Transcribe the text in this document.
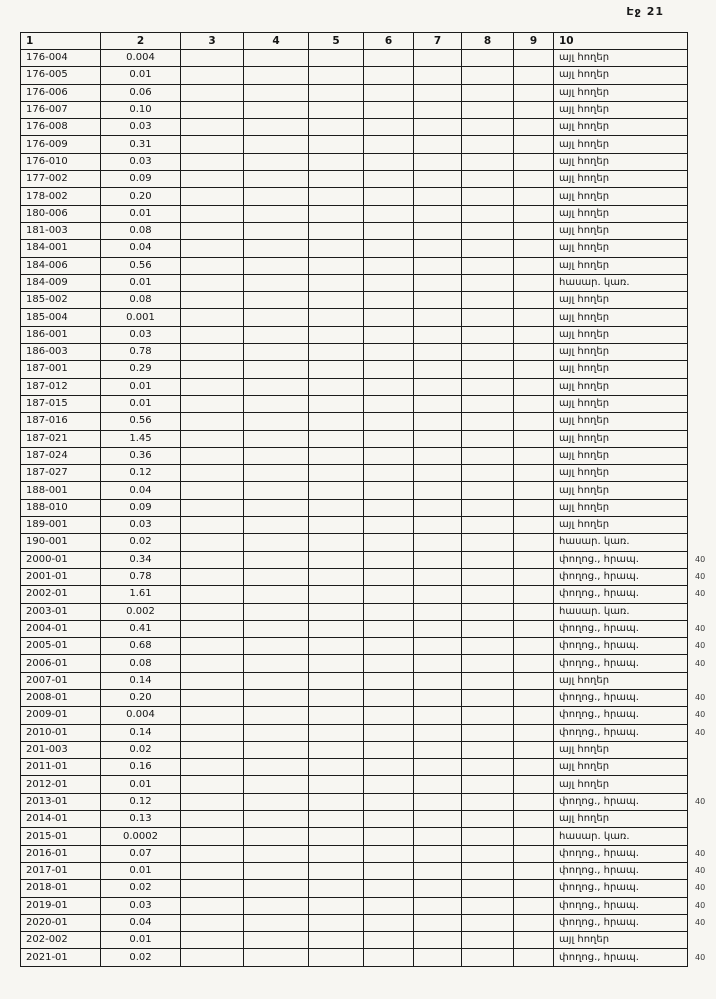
Էջ 21
1	2	3	4	5	6	7	8	9	10	
176-004	0.004								այլ հողեր	
176-005	0.01								այլ հողեր	
176-006	0.06								այլ հողեր	
176-007	0.10								այլ հողեր	
176-008	0.03								այլ հողեր	
176-009	0.31								այլ հողեր	
176-010	0.03								այլ հողեր	
177-002	0.09								այլ հողեր	
178-002	0.20								այլ հողեր	
180-006	0.01								այլ հողեր	
181-003	0.08								այլ հողեր	
184-001	0.04								այլ հողեր	
184-006	0.56								այլ հողեր	
184-009	0.01								հասար. կառ.	
185-002	0.08								այլ հողեր	
185-004	0.001								այլ հողեր	
186-001	0.03								այլ հողեր	
186-003	0.78								այլ հողեր	
187-001	0.29								այլ հողեր	
187-012	0.01								այլ հողեր	
187-015	0.01								այլ հողեր	
187-016	0.56								այլ հողեր	
187-021	1.45								այլ հողեր	
187-024	0.36								այլ հողեր	
187-027	0.12								այլ հողեր	
188-001	0.04								այլ հողեր	
188-010	0.09								այլ հողեր	
189-001	0.03								այլ հողեր	
190-001	0.02								հասար. կառ.	
2000-01	0.34								փողոց., հրապ.	40
2001-01	0.78								փողոց., հրապ.	40
2002-01	1.61								փողոց., հրապ.	40
2003-01	0.002								հասար. կառ.	
2004-01	0.41								փողոց., հրապ.	40
2005-01	0.68								փողոց., հրապ.	40
2006-01	0.08								փողոց., հրապ.	40
2007-01	0.14								այլ հողեր	
2008-01	0.20								փողոց., հրապ.	40
2009-01	0.004								փողոց., հրապ.	40
2010-01	0.14								փողոց., հրապ.	40
201-003	0.02								այլ հողեր	
2011-01	0.16								այլ հողեր	
2012-01	0.01								այլ հողեր	
2013-01	0.12								փողոց., հրապ.	40
2014-01	0.13								այլ հողեր	
2015-01	0.0002								հասար. կառ.	
2016-01	0.07								փողոց., հրապ.	40
2017-01	0.01								փողոց., հրապ.	40
2018-01	0.02								փողոց., հրապ.	40
2019-01	0.03								փողոց., հրապ.	40
2020-01	0.04								փողոց., հրապ.	40
202-002	0.01								այլ հողեր	
2021-01	0.02								փողոց., հրապ.	40
